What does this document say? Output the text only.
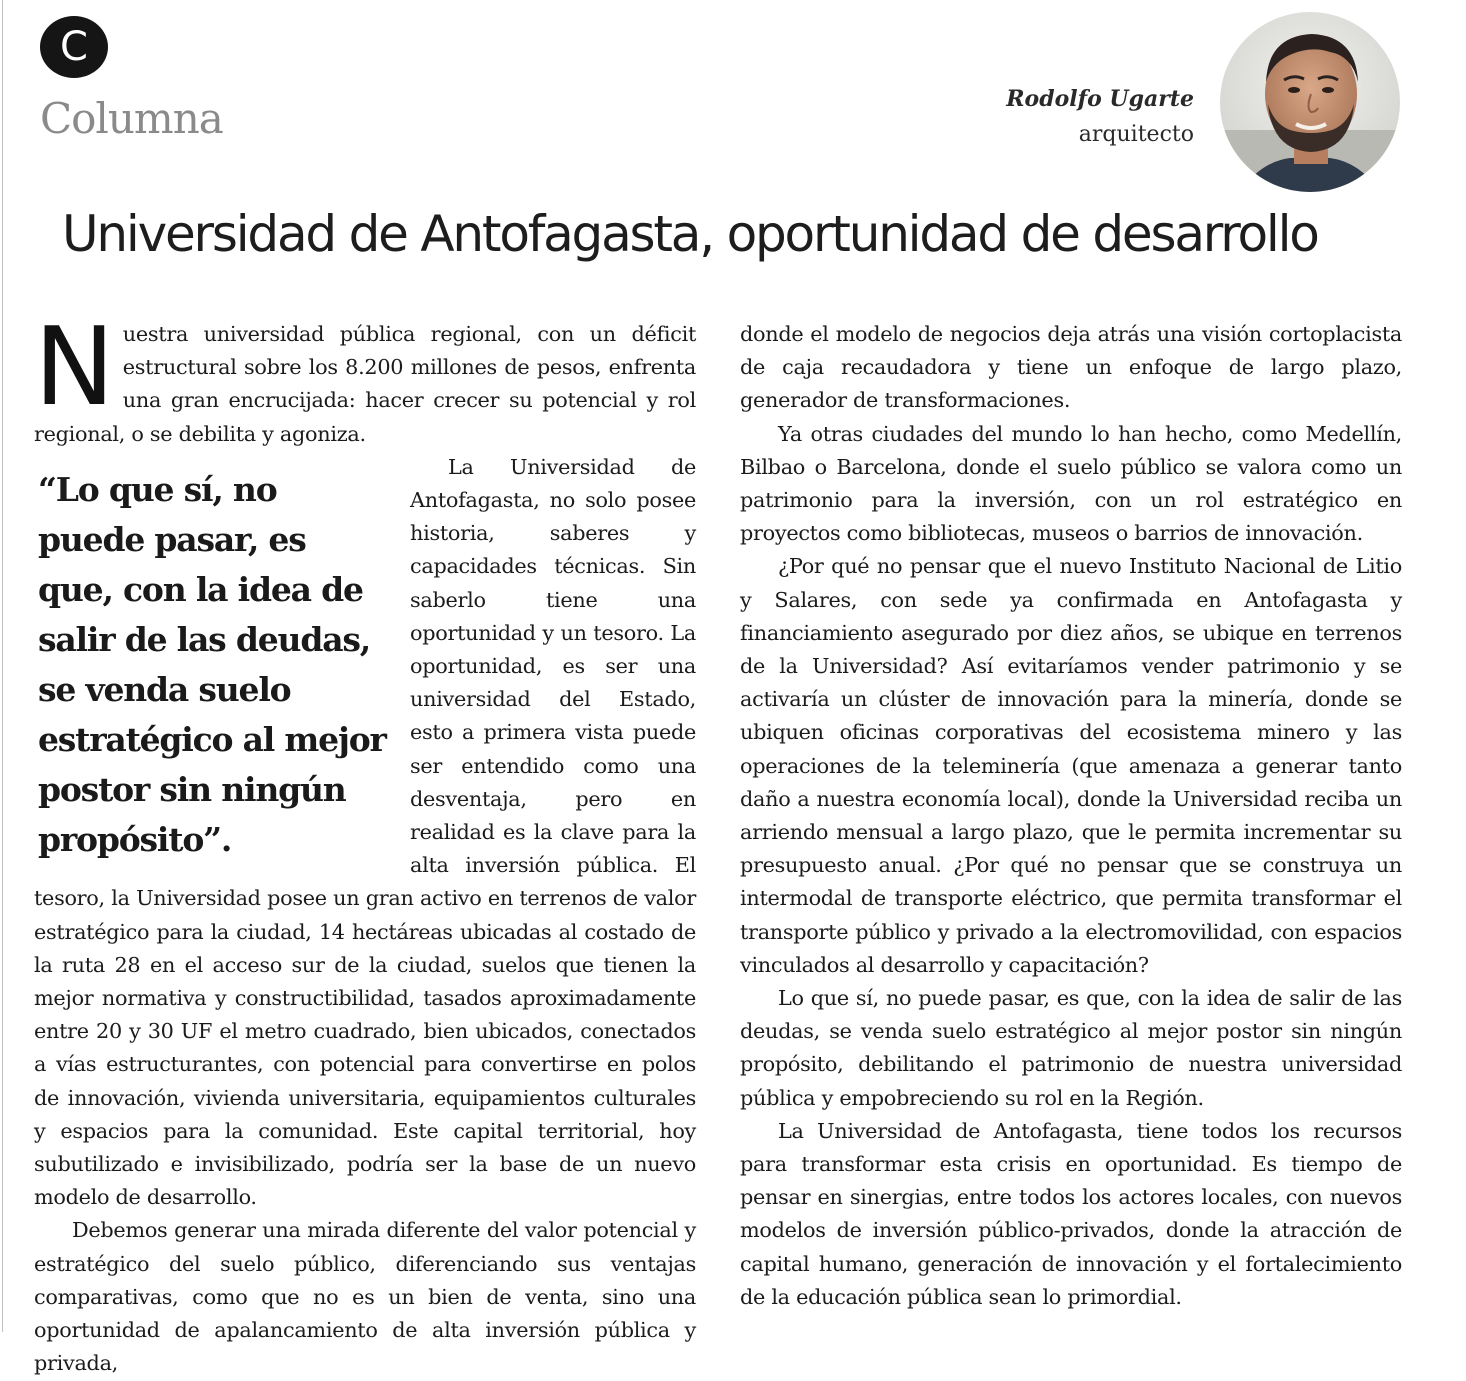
C
Columna	Rodolfo Ugarte
arquitecto
Universidad de Antofagasta, oportunidad de desarrollo

Nuestra universidad pública regional, con un déficit estructural sobre los 8.200 millones de pesos, enfrenta una gran encrucijada: hacer crecer su potencial y rol regional, o se debilita y agoniza.

“Lo que sí, no puede pasar, es que, con la idea de salir de las deudas, se venda suelo estratégico al mejor postor sin ningún propósito”.
La Universidad de Antofagasta, no solo posee historia, saberes y capacidades técnicas. Sin saberlo tiene una oportunidad y un tesoro. La oportunidad, es ser una universidad del Estado, esto a primera vista puede ser entendido como una desventaja, pero en realidad es la clave para la alta inversión pública. El tesoro, la Universidad posee un gran activo en terrenos de valor estratégico para la ciudad, 14 hectáreas ubicadas al costado de la ruta 28 en el acceso sur de la ciudad, suelos que tienen la mejor normativa y constructibilidad, tasados aproximadamente entre 20 y 30 UF el metro cuadrado, bien ubicados, conectados a vías estructurantes, con potencial para convertirse en polos de innovación, vivienda universitaria, equipamientos culturales y espacios para la comunidad. Este capital territorial, hoy subutilizado e invisibilizado, podría ser la base de un nuevo modelo de desarrollo.

Debemos generar una mirada diferente del valor potencial y estratégico del suelo público, diferenciando sus ventajas comparativas, como que no es un bien de venta, sino una oportunidad de apalancamiento de alta inversión pública y privada,

donde el modelo de negocios deja atrás una visión cortoplacista de caja recaudadora y tiene un enfoque de largo plazo, generador de transformaciones.

Ya otras ciudades del mundo lo han hecho, como Medellín, Bilbao o Barcelona, donde el suelo público se valora como un patrimonio para la inversión, con un rol estratégico en proyectos como bibliotecas, museos o barrios de innovación.

¿Por qué no pensar que el nuevo Instituto Nacional de Litio y Salares, con sede ya confirmada en Antofagasta y financiamiento asegurado por diez años, se ubique en terrenos de la Universidad? Así evitaríamos vender patrimonio y se activaría un clúster de innovación para la minería, donde se ubiquen oficinas corporativas del ecosistema minero y las operaciones de la teleminería (que amenaza a generar tanto daño a nuestra economía local), donde la Universidad reciba un arriendo mensual a largo plazo, que le permita incrementar su presupuesto anual. ¿Por qué no pensar que se construya un intermodal de transporte eléctrico, que permita transformar el transporte público y privado a la electromovilidad, con espacios vinculados al desarrollo y capacitación?

Lo que sí, no puede pasar, es que, con la idea de salir de las deudas, se venda suelo estratégico al mejor postor sin ningún propósito, debilitando el patrimonio de nuestra universidad pública y empobreciendo su rol en la Región.

La Universidad de Antofagasta, tiene todos los recursos para transformar esta crisis en oportunidad. Es tiempo de pensar en sinergias, entre todos los actores locales, con nuevos modelos de inversión público-privados, donde la atracción de capital humano, generación de innovación y el fortalecimiento de la educación pública sean lo primordial.
